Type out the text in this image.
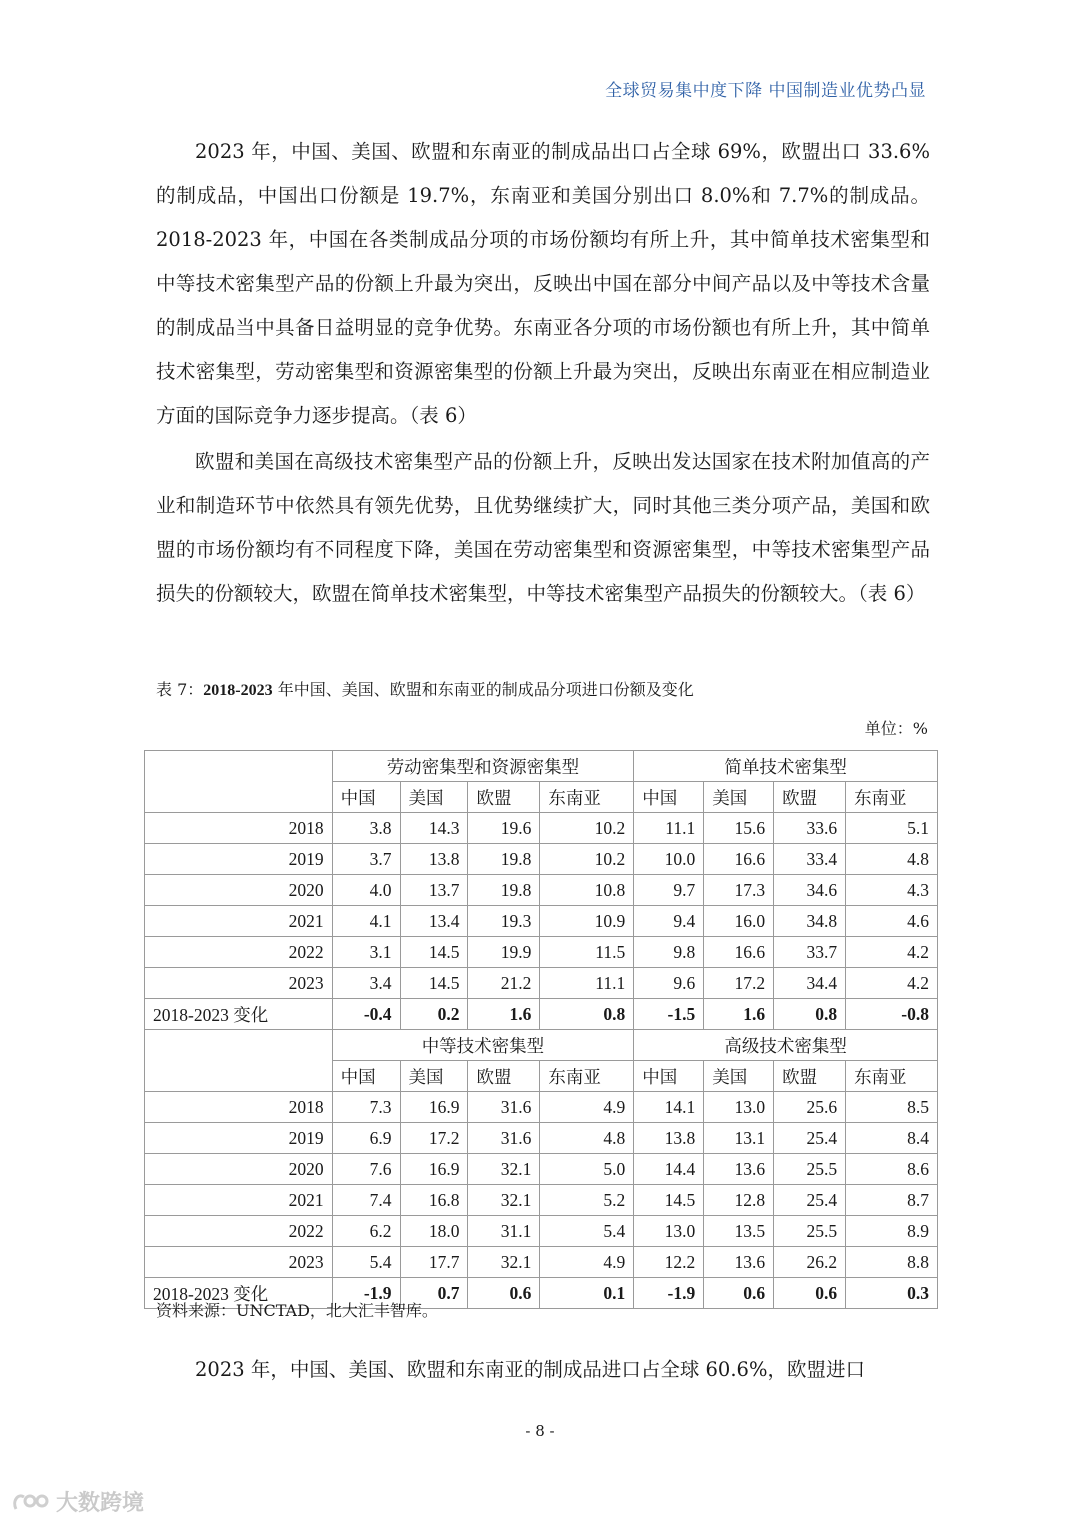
全球贸易集中度下降 中国制造业优势凸显

2023 年，中国、美国、欧盟和东南亚的制成品出口占全球 69%，欧盟出口 33.6%的制成品，中国出口份额是 19.7%，东南亚和美国分别出口 8.0%和 7.7%的制成品。2018-2023 年，中国在各类制成品分项的市场份额均有所上升，其中简单技术密集型和中等技术密集型产品的份额上升最为突出，反映出中国在部分中间产品以及中等技术含量的制成品当中具备日益明显的竞争优势。东南亚各分项的市场份额也有所上升，其中简单技术密集型，劳动密集型和资源密集型的份额上升最为突出，反映出东南亚在相应制造业方面的国际竞争力逐步提高。（表 6）

欧盟和美国在高级技术密集型产品的份额上升，反映出发达国家在技术附加值高的产业和制造环节中依然具有领先优势，且优势继续扩大，同时其他三类分项产品，美国和欧盟的市场份额均有不同程度下降，美国在劳动密集型和资源密集型，中等技术密集型产品损失的份额较大，欧盟在简单技术密集型，中等技术密集型产品损失的份额较大。（表 6）

表 7：2018-2023 年中国、美国、欧盟和东南亚的制成品分项进口份额及变化
单位：%
	劳动密集型和资源密集型				简单技术密集型			
	中国	美国	欧盟	东南亚	中国	美国	欧盟	东南亚
2018	3.8	14.3	19.6	10.2	11.1	15.6	33.6	5.1
2019	3.7	13.8	19.8	10.2	10.0	16.6	33.4	4.8
2020	4.0	13.7	19.8	10.8	9.7	17.3	34.6	4.3
2021	4.1	13.4	19.3	10.9	9.4	16.0	34.8	4.6
2022	3.1	14.5	19.9	11.5	9.8	16.6	33.7	4.2
2023	3.4	14.5	21.2	11.1	9.6	17.2	34.4	4.2
2018-2023 变化	-0.4	0.2	1.6	0.8	-1.5	1.6	0.8	-0.8
	中等技术密集型				高级技术密集型			
	中国	美国	欧盟	东南亚	中国	美国	欧盟	东南亚
2018	7.3	16.9	31.6	4.9	14.1	13.0	25.6	8.5
2019	6.9	17.2	31.6	4.8	13.8	13.1	25.4	8.4
2020	7.6	16.9	32.1	5.0	14.4	13.6	25.5	8.6
2021	7.4	16.8	32.1	5.2	14.5	12.8	25.4	8.7
2022	6.2	18.0	31.1	5.4	13.0	13.5	25.5	8.9
2023	5.4	17.7	32.1	4.9	12.2	13.6	26.2	8.8
2018-2023 变化	-1.9	0.7	0.6	0.1	-1.9	0.6	0.6	0.3
资料来源：UNCTAD，北大汇丰智库。

2023 年，中国、美国、欧盟和东南亚的制成品进口占全球 60.6%，欧盟进口

- 8 -
大数跨境
